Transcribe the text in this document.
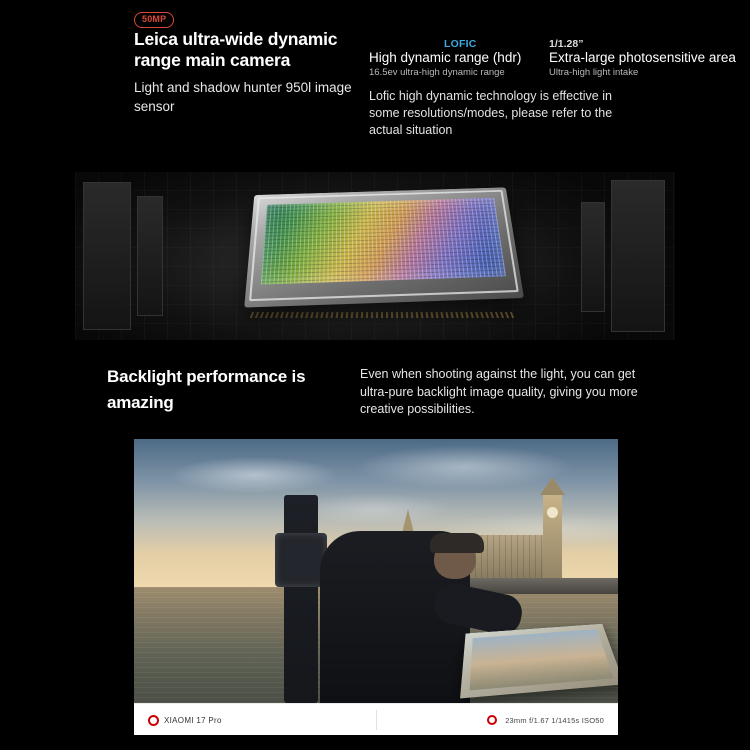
50MP
Leica ultra-wide dynamic range main camera

Light and shadow hunter 950l image sensor

LOFIC
High dynamic range (hdr)
16.5ev ultra-high dynamic range
1/1.28”
Extra-large photosensitive area
Ultra-high light intake

Lofic high dynamic technology is effective in some resolutions/modes, please refer to the actual situation

Backlight performance is amazing

Even when shooting against the light, you can get ultra-pure backlight image quality, giving you more creative possibilities.

XIAOMI 17 Pro	23mm f/1.67 1/1415s ISO50
